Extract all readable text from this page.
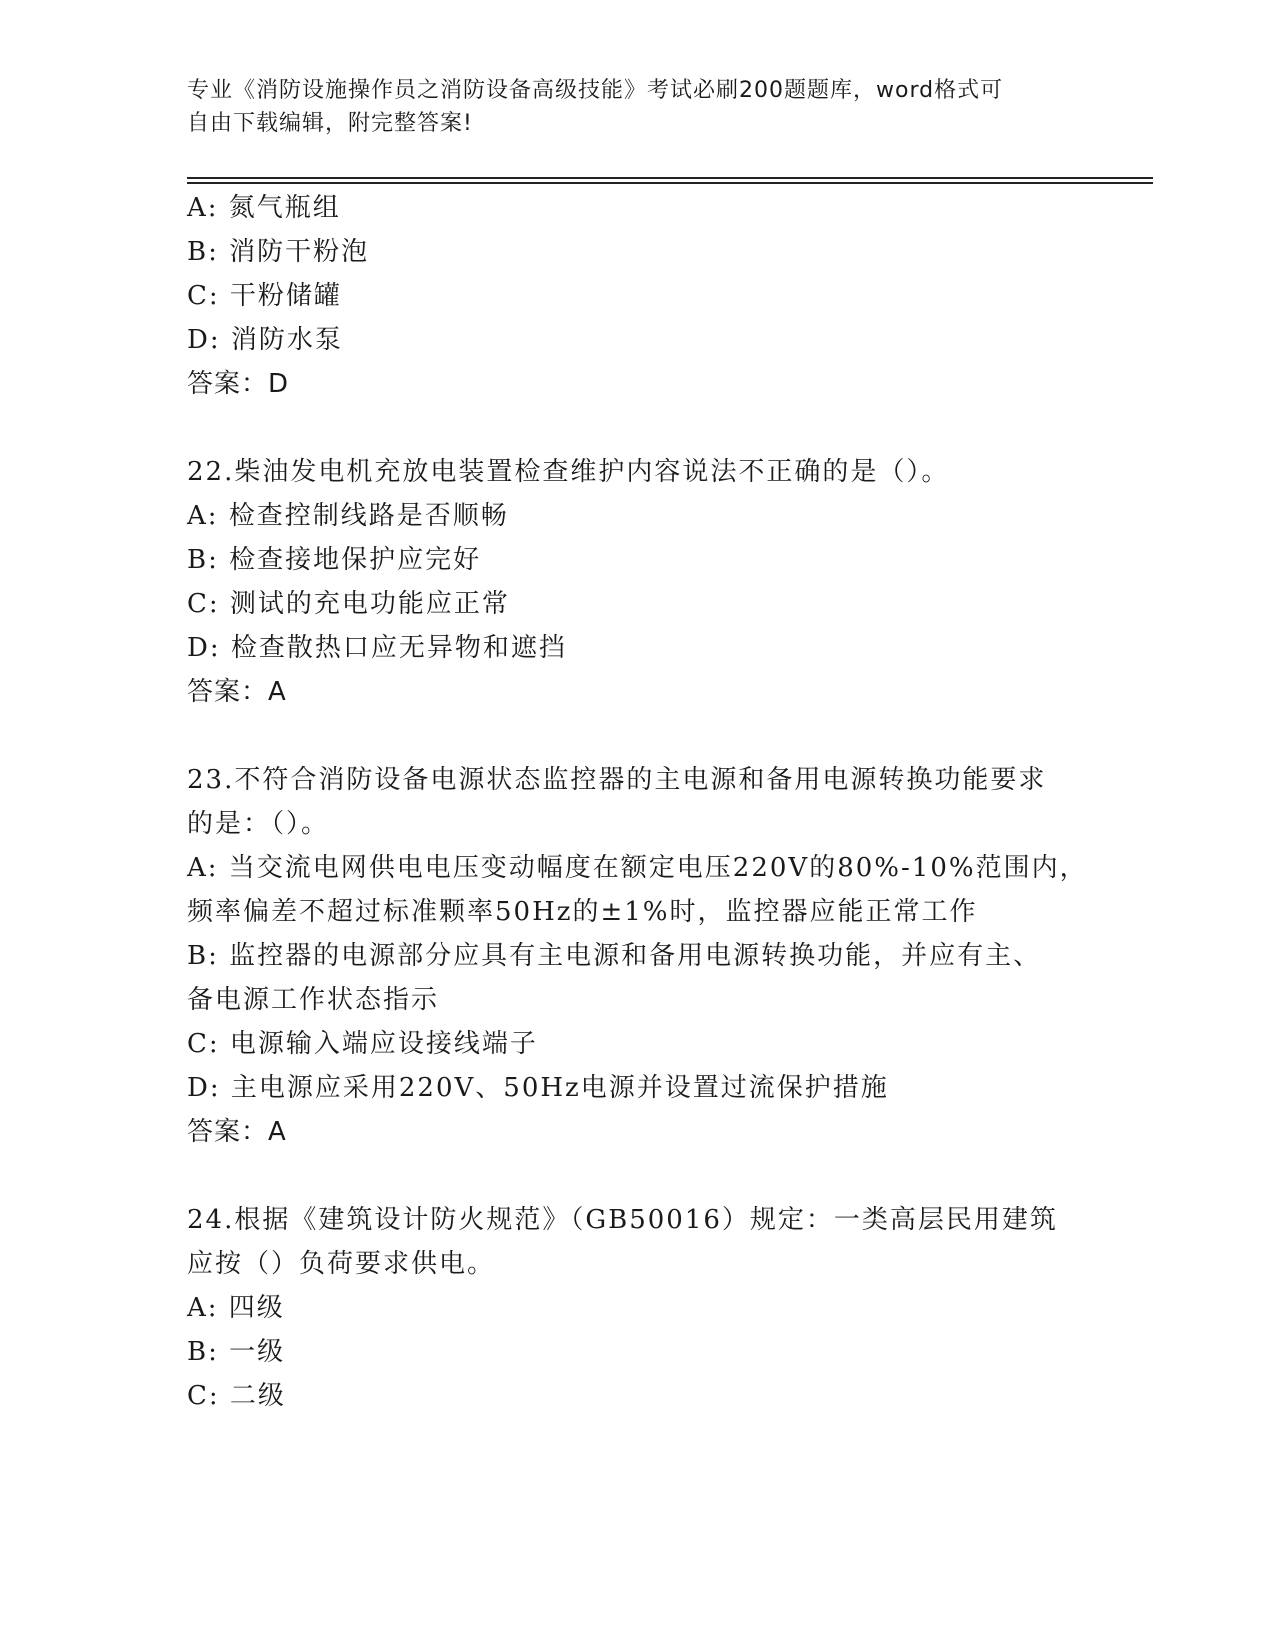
专业《消防设施操作员之消防设备高级技能》考试必刷200题题库，word格式可
自由下载编辑，附完整答案!
A: 氮气瓶组
B: 消防干粉泡
C: 干粉储罐
D: 消防水泵
答案：D
22.柴油发电机充放电装置检查维护内容说法不正确的是（）。
A: 检查控制线路是否顺畅
B: 检查接地保护应完好
C: 测试的充电功能应正常
D: 检查散热口应无异物和遮挡
答案：A
23.不符合消防设备电源状态监控器的主电源和备用电源转换功能要求
的是：（）。
A: 当交流电网供电电压变动幅度在额定电压220V的80%-10%范围内，
频率偏差不超过标准颗率50Hz的±1%时，监控器应能正常工作
B: 监控器的电源部分应具有主电源和备用电源转换功能，并应有主、
备电源工作状态指示
C: 电源输入端应设接线端子
D: 主电源应采用220V、50Hz电源并设置过流保护措施
答案：A
24.根据《建筑设计防火规范》（GB50016）规定：一类高层民用建筑
应按（）负荷要求供电。
A: 四级
B: 一级
C: 二级
